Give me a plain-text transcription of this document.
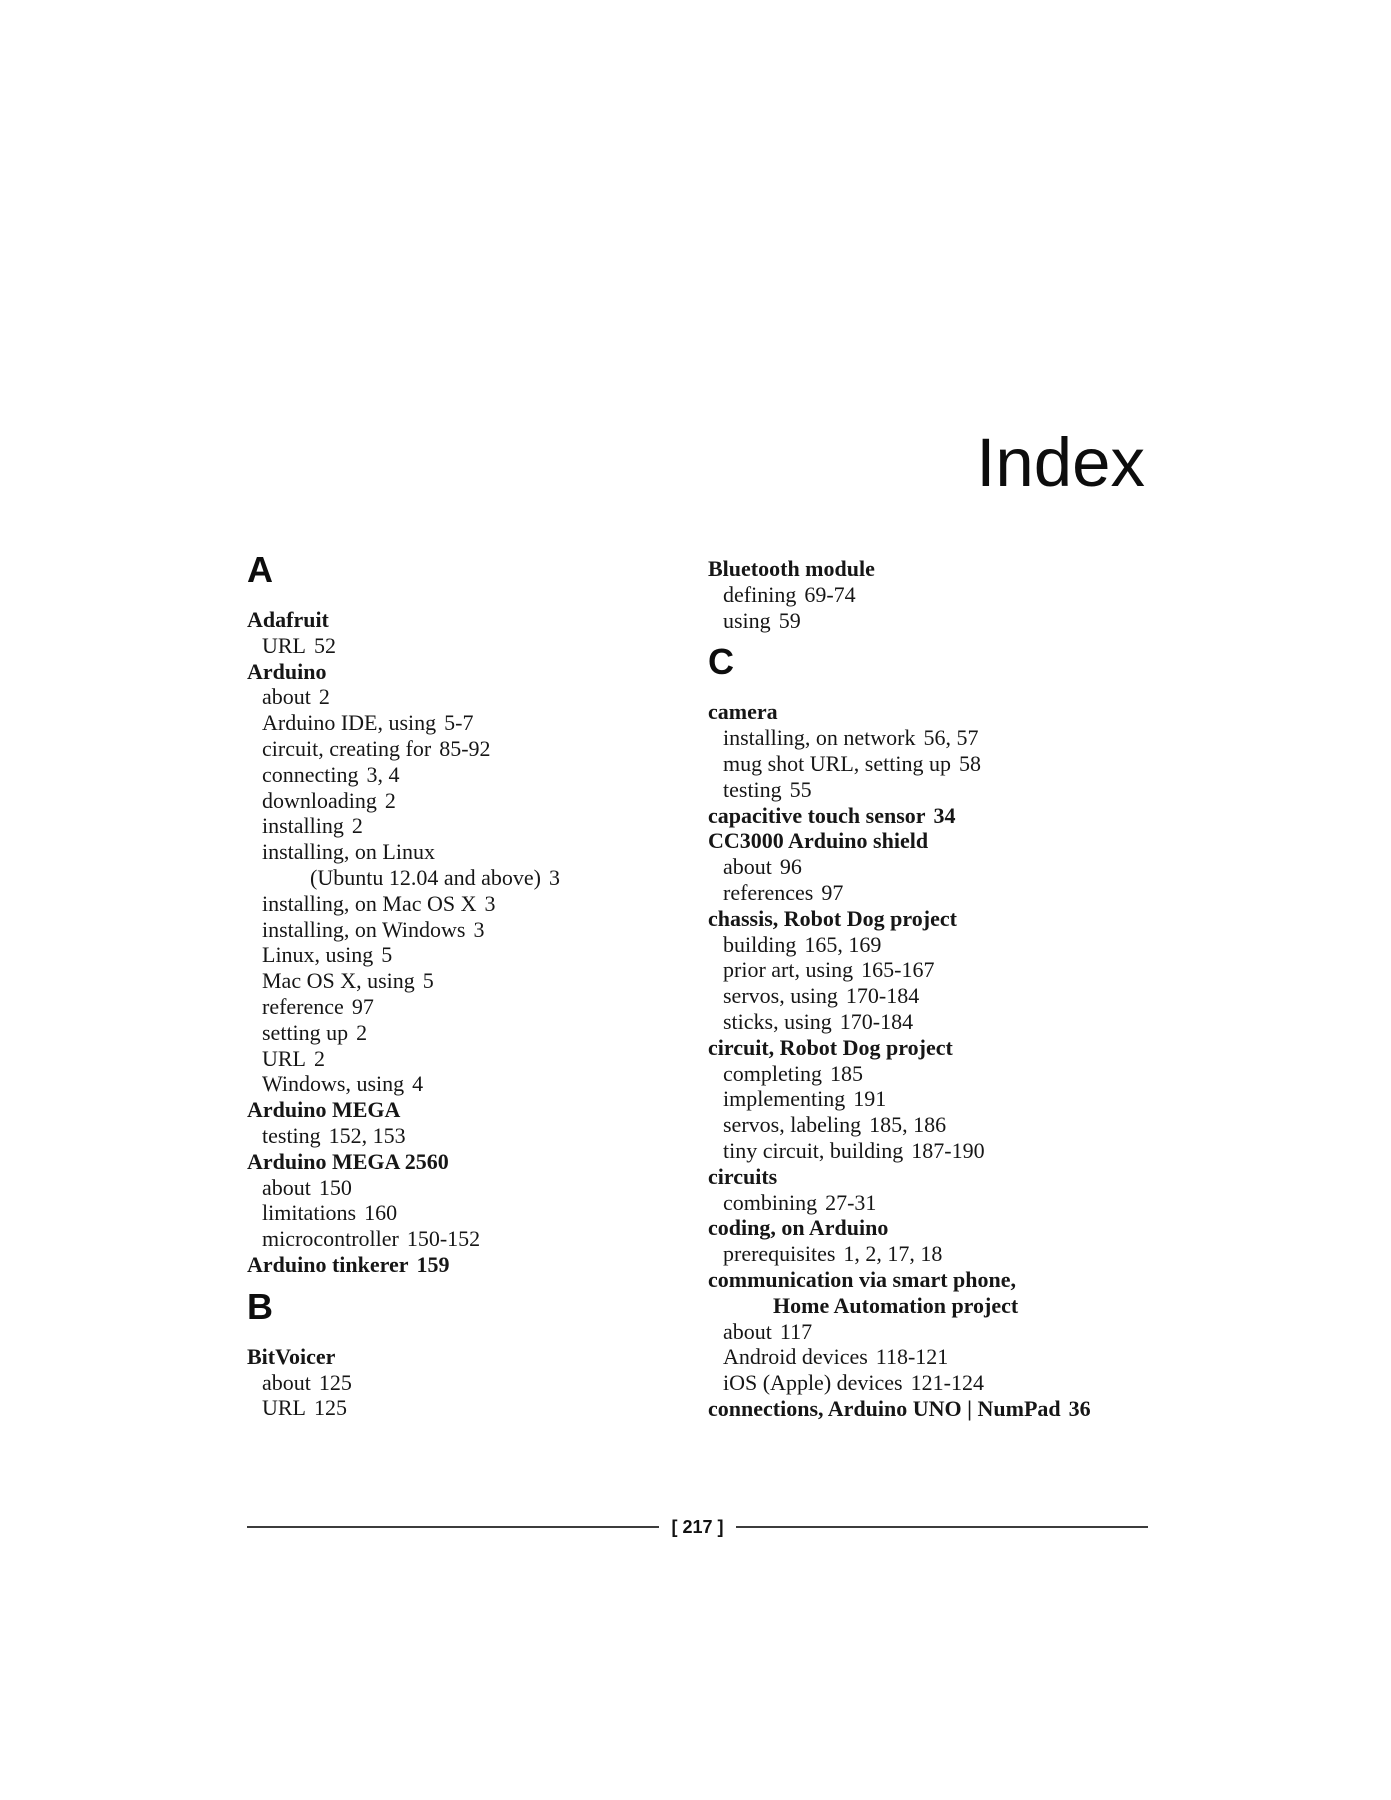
Index
A
Adafruit
URL 52
Arduino
about 2
Arduino IDE, using 5-7
circuit, creating for 85-92
connecting 3, 4
downloading 2
installing 2
installing, on Linux
(Ubuntu 12.04 and above) 3
installing, on Mac OS X 3
installing, on Windows 3
Linux, using 5
Mac OS X, using 5
reference 97
setting up 2
URL 2
Windows, using 4
Arduino MEGA
testing 152, 153
Arduino MEGA 2560
about 150
limitations 160
microcontroller 150-152
Arduino tinkerer 159
B
BitVoicer
about 125
URL 125
Bluetooth module
defining 69-74
using 59
C
camera
installing, on network 56, 57
mug shot URL, setting up 58
testing 55
capacitive touch sensor 34
CC3000 Arduino shield
about 96
references 97
chassis, Robot Dog project
building 165, 169
prior art, using 165-167
servos, using 170-184
sticks, using 170-184
circuit, Robot Dog project
completing 185
implementing 191
servos, labeling 185, 186
tiny circuit, building 187-190
circuits
combining 27-31
coding, on Arduino
prerequisites 1, 2, 17, 18
communication via smart phone,
Home Automation project
about 117
Android devices 118-121
iOS (Apple) devices 121-124
connections, Arduino UNO | NumPad 36
[ 217 ]
